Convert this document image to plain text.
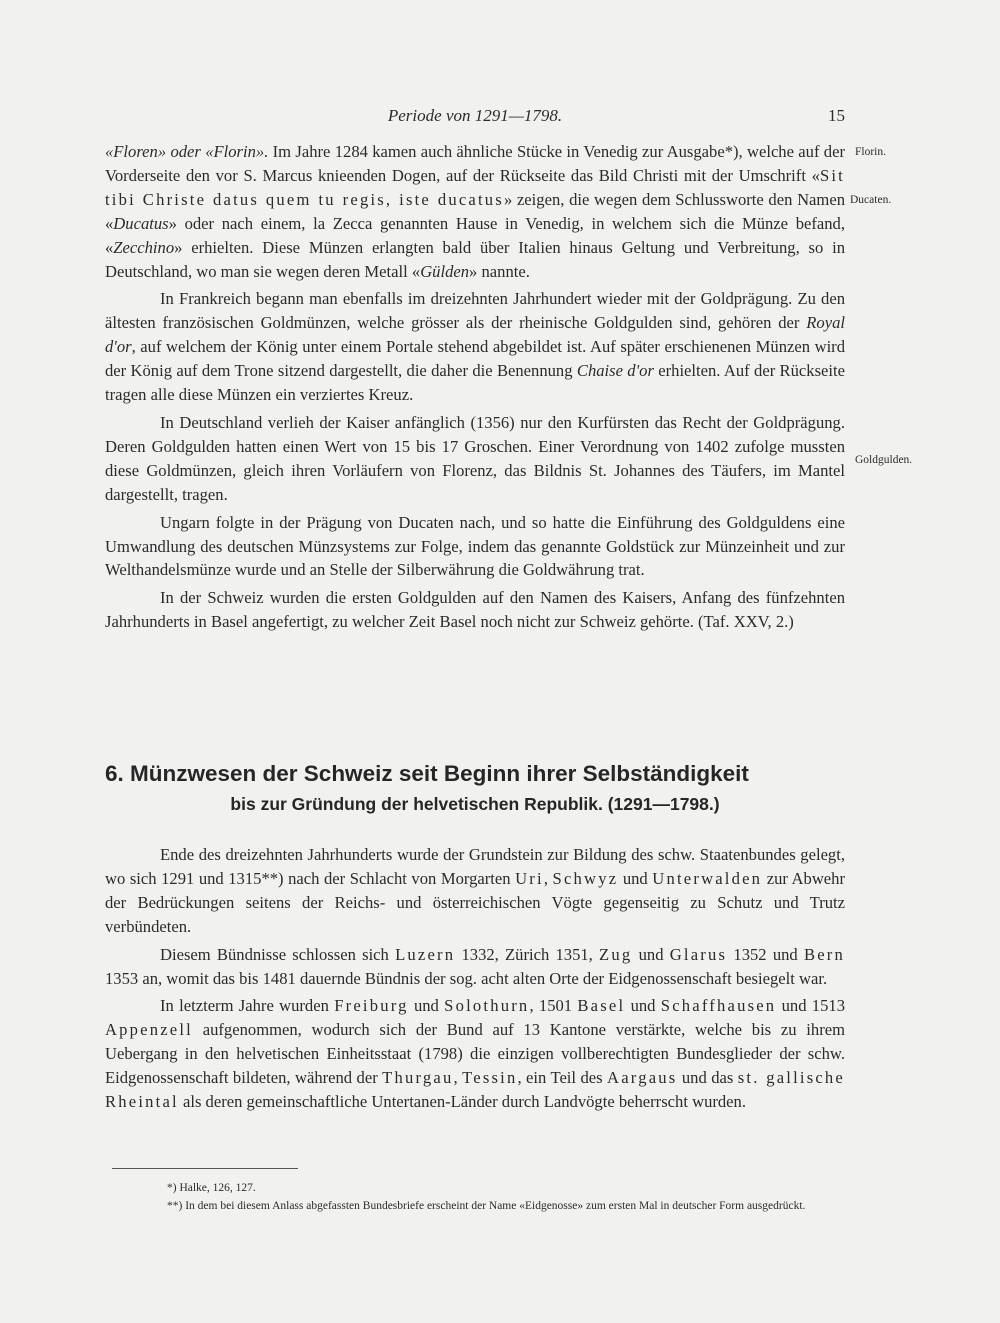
Periode von 1291—1798.	15
Florin.
Ducaten.
Goldgulden.

«Floren» oder «Florin». Im Jahre 1284 kamen auch ähnliche Stücke in Venedig zur Ausgabe*), welche auf der Vorderseite den vor S. Marcus knieenden Dogen, auf der Rückseite das Bild Christi mit der Umschrift «Sit tibi Christe datus quem tu regis, iste ducatus» zeigen, die wegen dem Schlussworte den Namen «Ducatus» oder nach einem, la Zecca genannten Hause in Venedig, in welchem sich die Münze befand, «Zecchino» erhielten. Diese Münzen erlangten bald über Italien hinaus Geltung und Verbreitung, so in Deutschland, wo man sie wegen deren Metall «Gülden» nannte.

In Frankreich begann man ebenfalls im dreizehnten Jahrhundert wieder mit der Goldprägung. Zu den ältesten französischen Goldmünzen, welche grösser als der rheinische Goldgulden sind, gehören der Royal d'or, auf welchem der König unter einem Portale stehend abgebildet ist. Auf später erschienenen Münzen wird der König auf dem Trone sitzend dargestellt, die daher die Benennung Chaise d'or erhielten. Auf der Rückseite tragen alle diese Münzen ein verziertes Kreuz.

In Deutschland verlieh der Kaiser anfänglich (1356) nur den Kurfürsten das Recht der Goldprägung. Deren Goldgulden hatten einen Wert von 15 bis 17 Groschen. Einer Verordnung von 1402 zufolge mussten diese Goldmünzen, gleich ihren Vorläufern von Florenz, das Bildnis St. Johannes des Täufers, im Mantel dargestellt, tragen.

Ungarn folgte in der Prägung von Ducaten nach, und so hatte die Einführung des Goldguldens eine Umwandlung des deutschen Münzsystems zur Folge, indem das genannte Goldstück zur Münzeinheit und zur Welthandelsmünze wurde und an Stelle der Silberwährung die Goldwährung trat.

In der Schweiz wurden die ersten Goldgulden auf den Namen des Kaisers, Anfang des fünfzehnten Jahrhunderts in Basel angefertigt, zu welcher Zeit Basel noch nicht zur Schweiz gehörte. (Taf. XXV, 2.)

6. Münzwesen der Schweiz seit Beginn ihrer Selbständigkeit
bis zur Gründung der helvetischen Republik. (1291—1798.)

Ende des dreizehnten Jahrhunderts wurde der Grundstein zur Bildung des schw. Staatenbundes gelegt, wo sich 1291 und 1315**) nach der Schlacht von Morgarten Uri, Schwyz und Unterwalden zur Abwehr der Bedrückungen seitens der Reichs- und österreichischen Vögte gegenseitig zu Schutz und Trutz verbündeten.

Diesem Bündnisse schlossen sich Luzern 1332, Zürich 1351, Zug und Glarus 1352 und Bern 1353 an, womit das bis 1481 dauernde Bündnis der sog. acht alten Orte der Eidgenossenschaft besiegelt war.

In letzterm Jahre wurden Freiburg und Solothurn, 1501 Basel und Schaffhausen und 1513 Appenzell aufgenommen, wodurch sich der Bund auf 13 Kantone verstärkte, welche bis zu ihrem Uebergang in den helvetischen Einheitsstaat (1798) die einzigen vollberechtigten Bundesglieder der schw. Eidgenossenschaft bildeten, während der Thurgau, Tessin, ein Teil des Aargaus und das st. gallische Rheintal als deren gemeinschaftliche Untertanen-Länder durch Landvögte beherrscht wurden.

*) Halke, 126, 127.

**) In dem bei diesem Anlass abgefassten Bundesbriefe erscheint der Name «Eidgenosse» zum ersten Mal in deutscher Form ausgedrückt.
